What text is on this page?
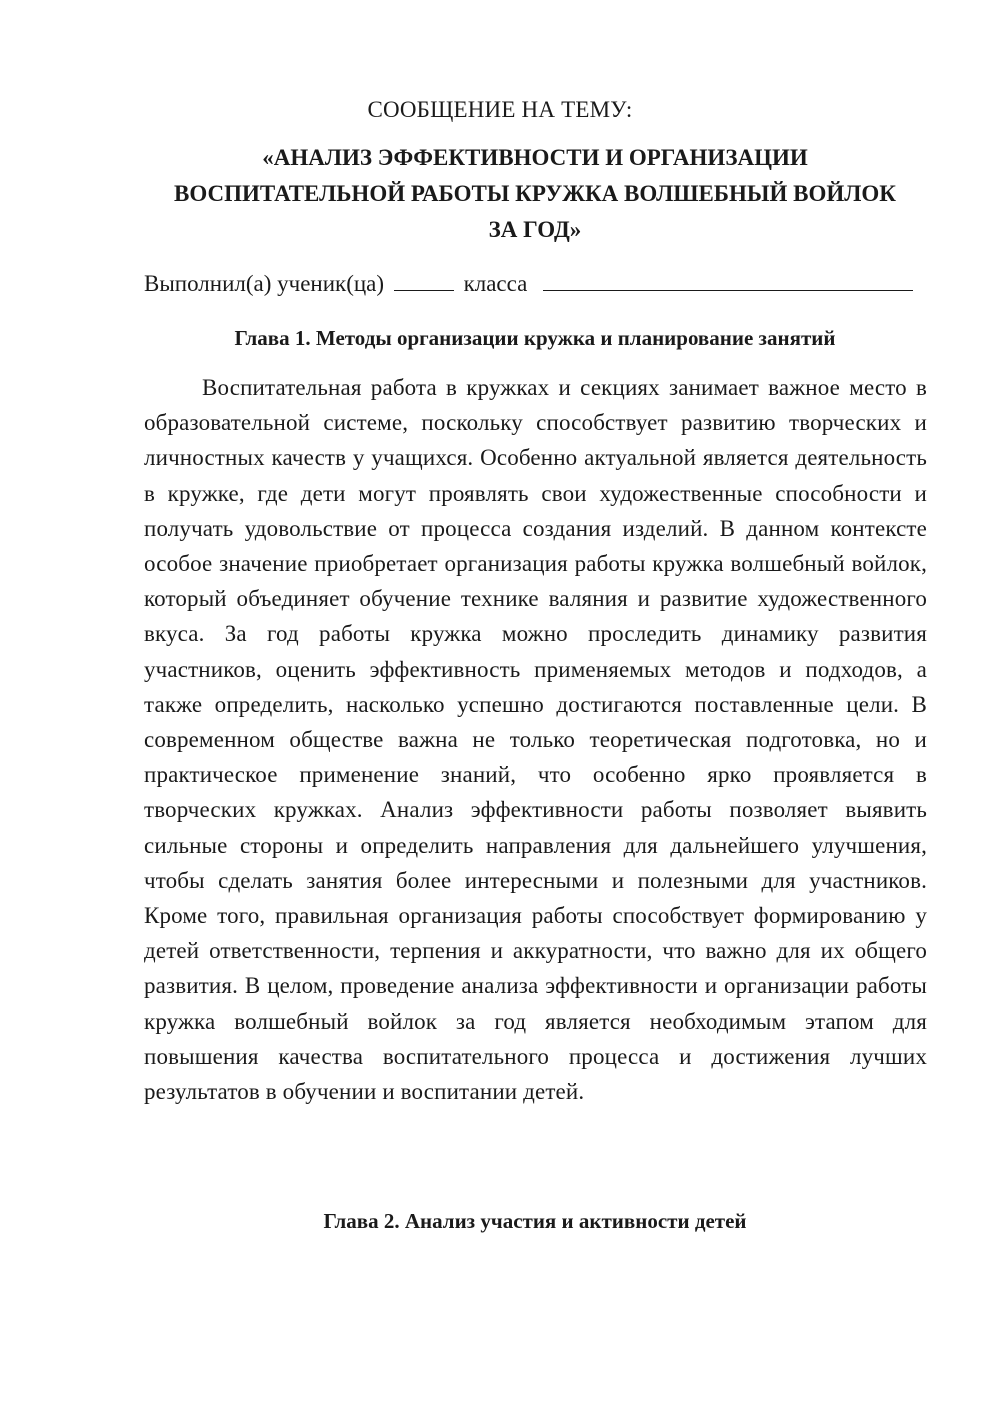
СООБЩЕНИЕ НА ТЕМУ:
«АНАЛИЗ ЭФФЕКТИВНОСТИ И ОРГАНИЗАЦИИ
ВОСПИТАТЕЛЬНОЙ РАБОТЫ КРУЖКА ВОЛШЕБНЫЙ ВОЙЛОК
ЗА ГОД»
Выполнил(а) ученик(ца)	класса
Глава 1. Методы организации кружка и планирование занятий

Воспитательная работа в кружках и секциях занимает важное место в образовательной системе, поскольку способствует развитию творческих и личностных качеств у учащихся. Особенно актуальной является деятельность в кружке, где дети могут проявлять свои художественные способности и получать удовольствие от процесса создания изделий. В данном контексте особое значение приобретает организация работы кружка волшебный войлок, который объединяет обучение технике валяния и развитие художественного вкуса. За год работы кружка можно проследить динамику развития участников, оценить эффективность применяемых методов и подходов, а также определить, насколько успешно достигаются поставленные цели. В современном обществе важна не только теоретическая подготовка, но и практическое применение знаний, что особенно ярко проявляется в творческих кружках. Анализ эффективности работы позволяет выявить сильные стороны и определить направления для дальнейшего улучшения, чтобы сделать занятия более интересными и полезными для участников. Кроме того, правильная организация работы способствует формированию у детей ответственности, терпения и аккуратности, что важно для их общего развития. В целом, проведение анализа эффективности и организации работы кружка волшебный войлок за год является необходимым этапом для повышения качества воспитательного процесса и достижения лучших результатов в обучении и воспитании детей.

Глава 2. Анализ участия и активности детей
